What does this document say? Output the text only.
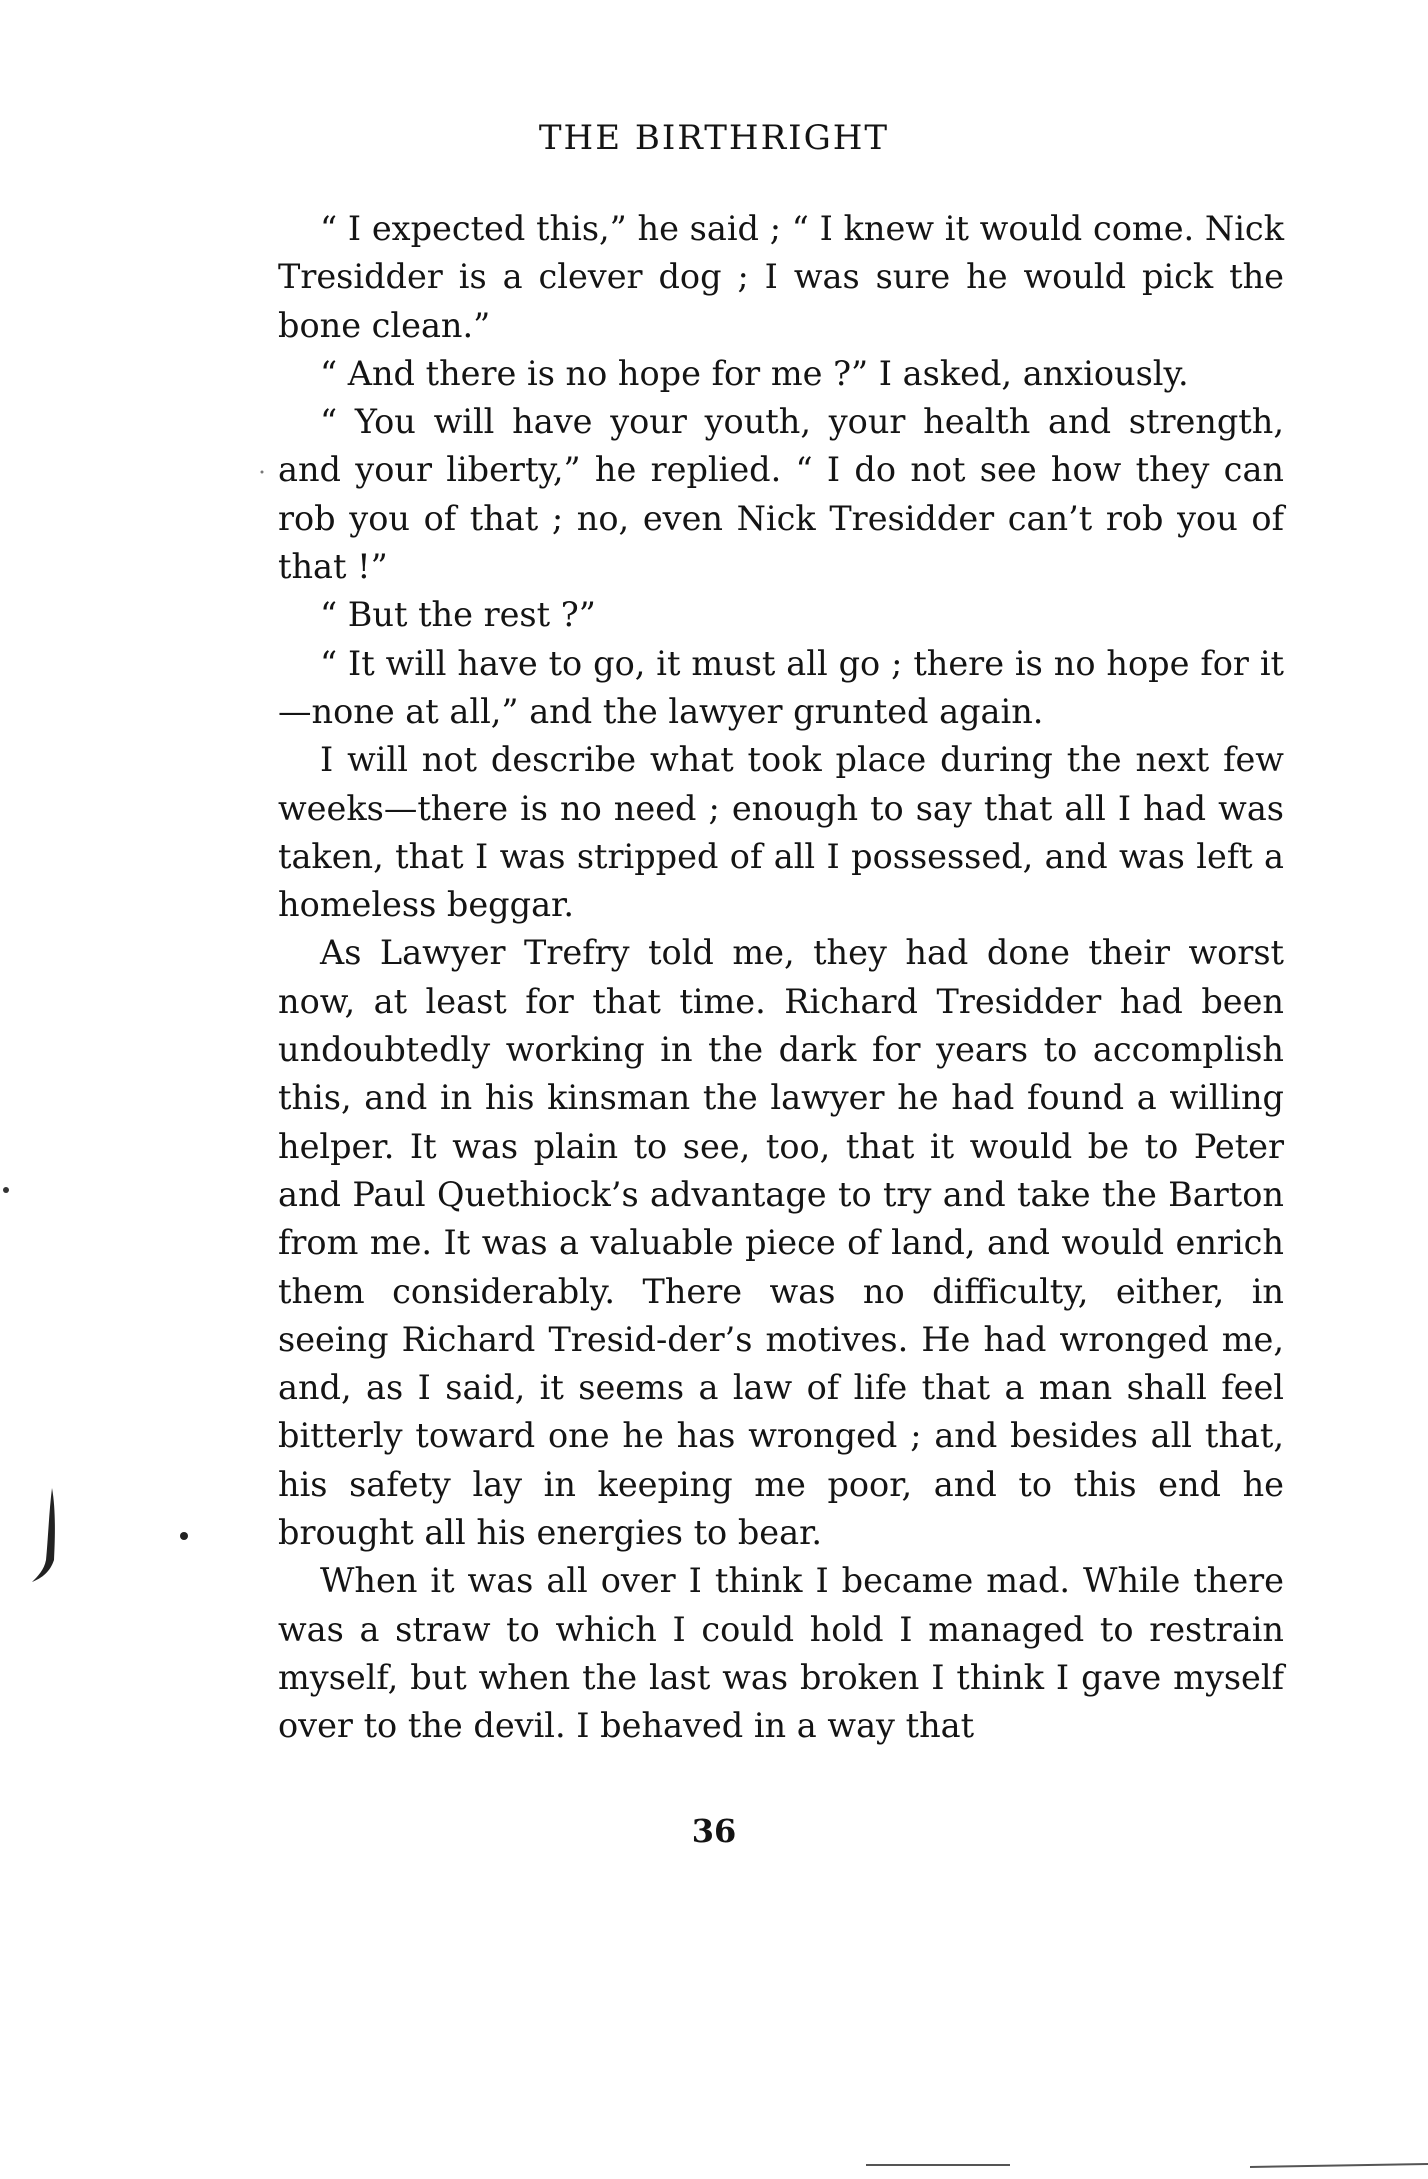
THE BIRTHRIGHT

“ I expected this,” he said ; “ I knew it would come. Nick Tresidder is a clever dog ; I was sure he would pick the bone clean.”

“ And there is no hope for me ?” I asked, anxiously.

“ You will have your youth, your health and strength, and your liberty,” he replied. “ I do not see how they can rob you of that ; no, even Nick Tresidder can’t rob you of that !”

“ But the rest ?”

“ It will have to go, it must all go ; there is no hope for it—none at all,” and the lawyer grunted again.

I will not describe what took place during the next few weeks—there is no need ; enough to say that all I had was taken, that I was stripped of all I possessed, and was left a homeless beggar.

As Lawyer Trefry told me, they had done their worst now, at least for that time. Richard Tresidder had been undoubtedly working in the dark for years to accomplish this, and in his kinsman the lawyer he had found a willing helper. It was plain to see, too, that it would be to Peter and Paul Quethiock’s advantage to try and take the Barton from me. It was a valuable piece of land, and would enrich them considerably. There was no difficulty, either, in seeing Richard Tresid-der’s motives. He had wronged me, and, as I said, it seems a law of life that a man shall feel bitterly toward one he has wronged ; and besides all that, his safety lay in keeping me poor, and to this end he brought all his energies to bear.

When it was all over I think I became mad. While there was a straw to which I could hold I managed to restrain myself, but when the last was broken I think I gave myself over to the devil. I behaved in a way that

36
